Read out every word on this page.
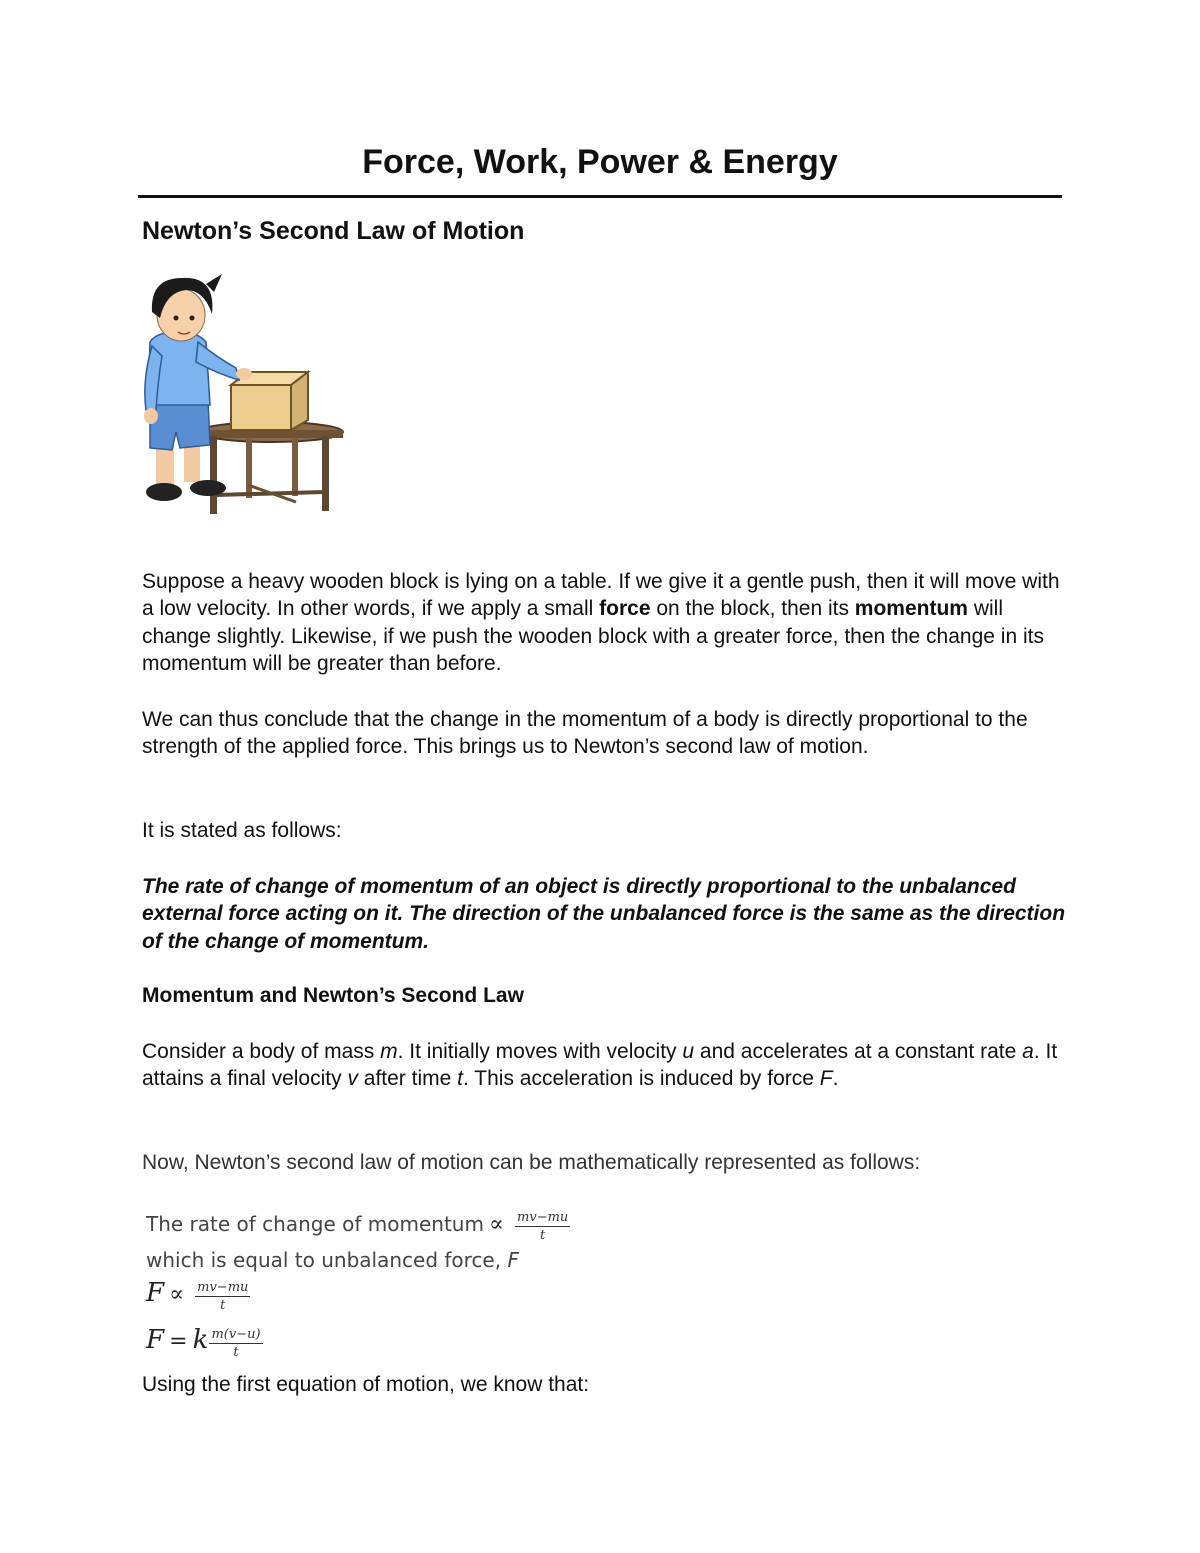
Force, Work, Power & Energy
Newton’s Second Law of Motion

Suppose a heavy wooden block is lying on a table. If we give it a gentle push, then it will move with a low velocity. In other words, if we apply a small force on the block, then its momentum will change slightly. Likewise, if we push the wooden block with a greater force, then the change in its momentum will be greater than before.

We can thus conclude that the change in the momentum of a body is directly proportional to the strength of the applied force. This brings us to Newton’s second law of motion.

It is stated as follows:

The rate of change of momentum of an object is directly proportional to the unbalanced external force acting on it. The direction of the unbalanced force is the same as the direction of the change of momentum.

Momentum and Newton’s Second Law

Consider a body of mass m. It initially moves with velocity u and accelerates at a constant rate a. It attains a final velocity v after time t. This acceleration is induced by force F.

Now, Newton’s second law of motion can be mathematically represented as follows:

The rate of change of momentum ∝ $\frac{mv-mu}{t}$
which is equal to unbalanced force, F
$F \propto \frac{mv-mu}{t}$
F = k $\frac{m(v-u)}{t}$

Using the first equation of motion, we know that:
